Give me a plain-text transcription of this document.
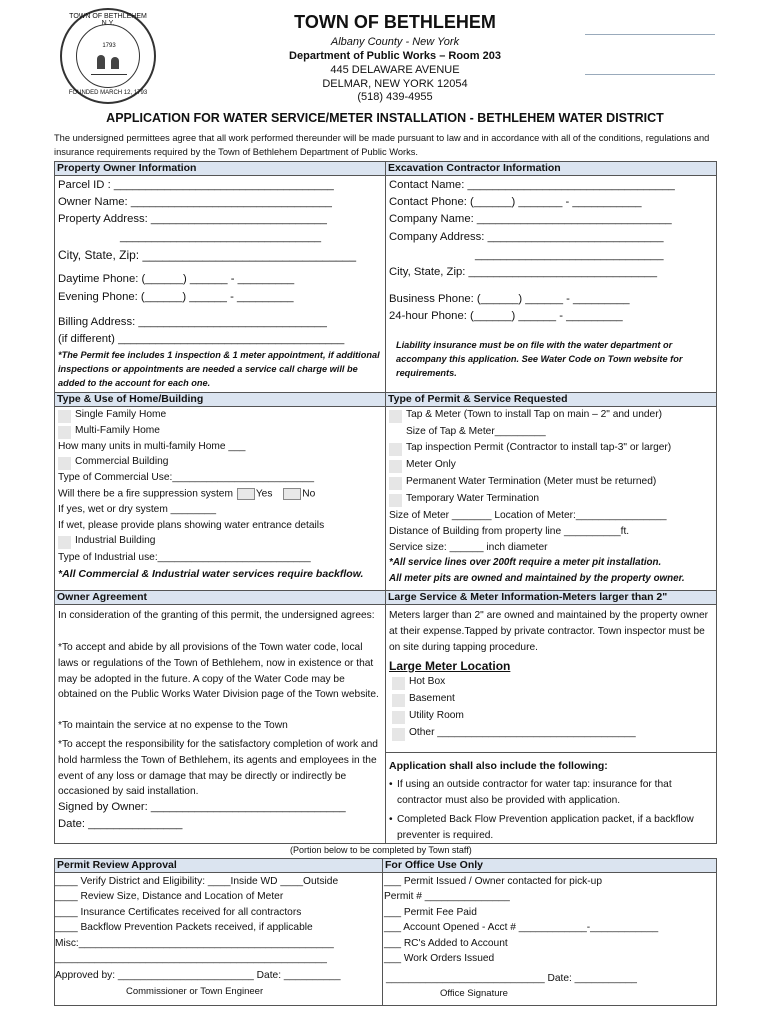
TOWN OF BETHLEHEM N.Y.
1793
FOUNDED MARCH 12, 1793
TOWN OF BETHLEHEM
Albany County - New York
Department of Public Works – Room 203
445 DELAWARE AVENUE
DELMAR, NEW YORK 12054
(518) 439-4955
APPLICATION FOR WATER SERVICE/METER INSTALLATION - BETHLEHEM WATER DISTRICT
The undersigned permittees agree that all work performed thereunder will be made pursuant to law and in accordance with all of the conditions, regulations and insurance requirements required by the Town of Bethlehem Department of Public Works.
Property Owner Information	Excavation Contractor Information
Parcel ID : ___________________________________
Owner Name: ________________________________
Property Address: ____________________________
________________________________
City, State, Zip: ________________________________
Daytime Phone: (______) ______ - _________
Evening Phone: (______) ______ - _________
Billing Address: ______________________________
(if different) ____________________________________
*The Permit fee includes 1 inspection & 1 meter appointment, if additional inspections or appointments are needed a service call charge will be added to the account for each one.
Contact Name: _________________________________
Contact Phone: (______) _______ - ___________
Company Name: _______________________________
Company Address: ____________________________
______________________________
City, State, Zip: ______________________________
Business Phone: (______) ______ - _________
24-hour Phone: (______) ______ - _________
Liability insurance must be on file with the water department or accompany this application. See Water Code on Town website for requirements.
Type & Use of Home/Building	Type of Permit & Service Requested
Single Family Home
Multi-Family Home
How many units in multi-family Home ___
Commercial Building
Type of Commercial Use:_________________________
Will there be a fire suppression system Yes	No
If yes, wet or dry system ________
If wet, please provide plans showing water entrance details
Industrial Building
Type of Industrial use:___________________________
*All Commercial & Industrial water services require backflow.
Tap & Meter (Town to install Tap on main – 2" and under)
Size of Tap & Meter_________
Tap inspection Permit (Contractor to install tap-3" or larger)
Meter Only
Permanent Water Termination (Meter must be returned)
Temporary Water Termination
Size of Meter _______ Location of Meter:________________
Distance of Building from property line __________ft.
Service size: ______ inch diameter
*All service lines over 200ft require a meter pit installation.
All meter pits are owned and maintained by the property owner.
Owner Agreement	Large Service & Meter Information-Meters larger than 2"
In consideration of the granting of this permit, the undersigned agrees:
*To accept and abide by all provisions of the Town water code, local laws or regulations of the Town of Bethlehem, now in existence or that may be adopted in the future. A copy of the Water Code may be obtained on the Public Works Water Division page of the Town website.
*To maintain the service at no expense to the Town
*To accept the responsibility for the satisfactory completion of work and hold harmless the Town of Bethlehem, its agents and employees in the event of any loss or damage that may be directly or indirectly be occasioned by said installation.
Signed by Owner: _______________________________
Date: _______________
Meters larger than 2" are owned and maintained by the property owner at their expense.Tapped by private contractor. Town inspector must be on site during tapping procedure.
Large Meter Location
Hot Box
Basement
Utility Room
Other ___________________________________
Application shall also include the following:
• If using an outside contractor for water tap: insurance for that contractor must also be provided with application.
• Completed Back Flow Prevention application packet, if a backflow preventer is required.
(Portion below to be completed by Town staff)
Permit Review Approval	For Office Use Only
____ Verify District and Eligibility: ____Inside WD ____Outside
____ Review Size, Distance and Location of Meter
____ Insurance Certificates received for all contractors
____ Backflow Prevention Packets received, if applicable
Misc:_____________________________________________
________________________________________________
Approved by: ________________________ Date: __________
Commissioner or Town Engineer
___ Permit Issued / Owner contacted for pick-up
Permit # _______________
___ Permit Fee Paid
___ Account Opened - Acct # ____________-____________
___ RC's Added to Account
___ Work Orders Issued
____________________________ Date: ___________
Office Signature
